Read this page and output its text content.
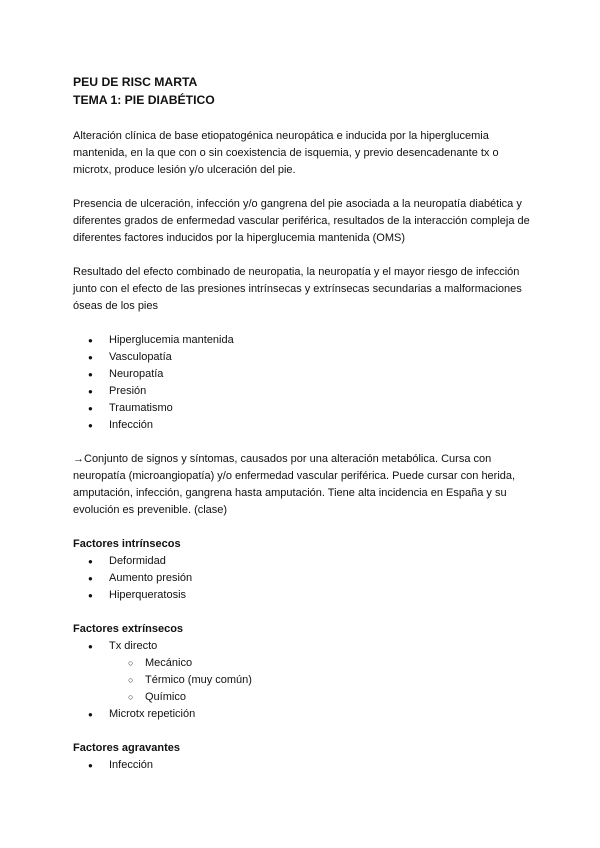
PEU DE RISC MARTA

TEMA 1: PIE DIABÉTICO

Alteración clínica de base etiopatogénica neuropática e inducida por la hiperglucemia mantenida, en la que con o sin coexistencia de isquemia, y previo desencadenante tx o microtx, produce lesión y/o ulceración del pie.

Presencia de ulceración, infección y/o gangrena del pie asociada a la neuropatía diabética y diferentes grados de enfermedad vascular periférica, resultados de la interacción compleja de diferentes factores inducidos por la hiperglucemia mantenida (OMS)

Resultado del efecto combinado de neuropatia, la neuropatía y el mayor riesgo de infección junto con el efecto de las presiones intrínsecas y extrínsecas secundarias a malformaciones óseas de los pies

● Hiperglucemia mantenida
● Vasculopatía
● Neuropatía
● Presión
● Traumatismo
● Infección

→Conjunto de signos y síntomas, causados por una alteración metabólica. Cursa con neuropatía (microangiopatía) y/o enfermedad vascular periférica. Puede cursar con herida, amputación, infección, gangrena hasta amputación. Tiene alta incidencia en España y su evolución es prevenible. (clase)

Factores intrínsecos
● Deformidad
● Aumento presión
● Hiperqueratosis
Factores extrínsecos
● Tx directo
○ Mecánico
○ Térmico (muy común)
○ Químico
● Microtx repetición
Factores agravantes
● Infección
